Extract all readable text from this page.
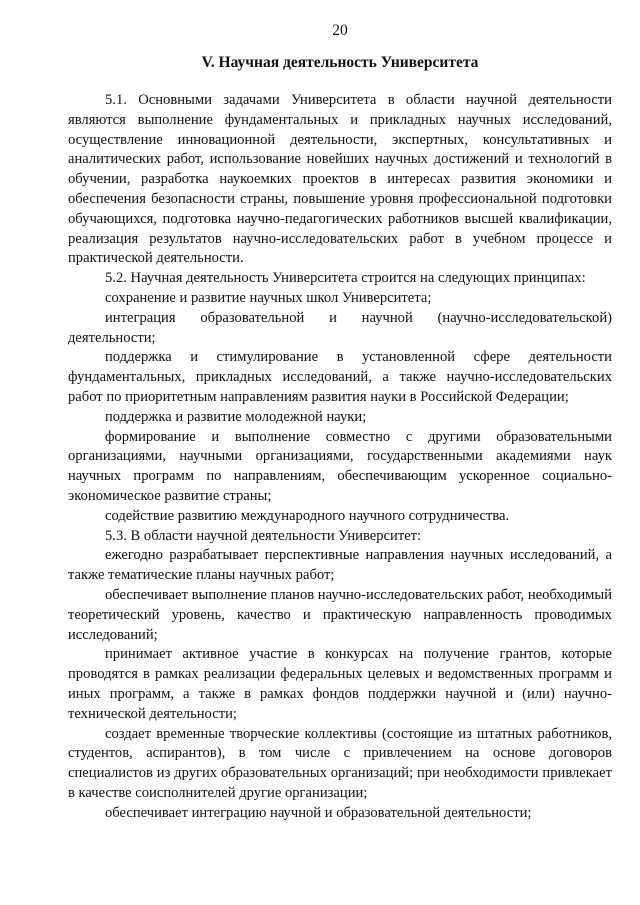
20
V. Научная деятельность Университета

5.1. Основными задачами Университета в области научной деятельности являются выполнение фундаментальных и прикладных научных исследований, осуществление инновационной деятельности, экспертных, консультативных и аналитических работ, использование новейших научных достижений и технологий в обучении, разработка наукоемких проектов в интересах развития экономики и обеспечения безопасности страны, повышение уровня профессиональной подготовки обучающихся, подготовка научно-педагогических работников высшей квалификации, реализация результатов научно-исследовательских работ в учебном процессе и практической деятельности.

5.2. Научная деятельность Университета строится на следующих принципах:

сохранение и развитие научных школ Университета;

интеграция образовательной и научной (научно-исследовательской) деятельности;

поддержка и стимулирование в установленной сфере деятельности фундаментальных, прикладных исследований, а также научно-исследовательских работ по приоритетным направлениям развития науки в Российской Федерации;

поддержка и развитие молодежной науки;

формирование и выполнение совместно с другими образовательными организациями, научными организациями, государственными академиями наук научных программ по направлениям, обеспечивающим ускоренное социально-экономическое развитие страны;

содействие развитию международного научного сотрудничества.

5.3. В области научной деятельности Университет:

ежегодно разрабатывает перспективные направления научных исследований, а также тематические планы научных работ;

обеспечивает выполнение планов научно-исследовательских работ, необходимый теоретический уровень, качество и практическую направленность проводимых исследований;

принимает активное участие в конкурсах на получение грантов, которые проводятся в рамках реализации федеральных целевых и ведомственных программ и иных программ, а также в рамках фондов поддержки научной и (или) научно-технической деятельности;

создает временные творческие коллективы (состоящие из штатных работников, студентов, аспирантов), в том числе с привлечением на основе договоров специалистов из других образовательных организаций; при необходимости привлекает в качестве соисполнителей другие организации;

обеспечивает интеграцию научной и образовательной деятельности;
